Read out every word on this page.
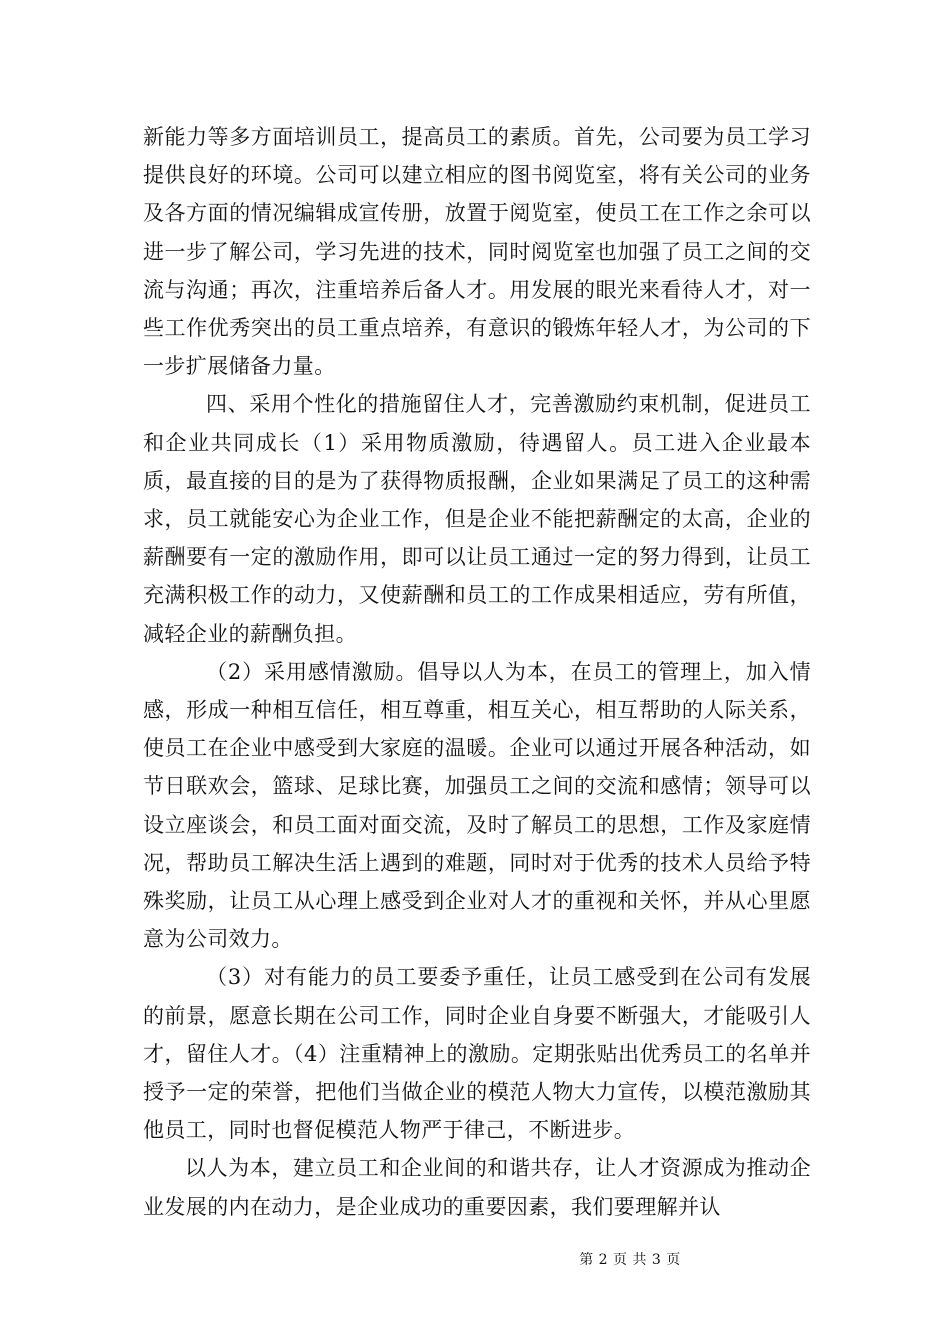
新能力等多方面培训员工，提高员工的素质。首先，公司要为员工学习提供良好的环境。公司可以建立相应的图书阅览室，将有关公司的业务及各方面的情况编辑成宣传册，放置于阅览室，使员工在工作之余可以进一步了解公司，学习先进的技术，同时阅览室也加强了员工之间的交流与沟通；再次，注重培养后备人才。用发展的眼光来看待人才，对一些工作优秀突出的员工重点培养，有意识的锻炼年轻人才，为公司的下一步扩展储备力量。

四、采用个性化的措施留住人才，完善激励约束机制，促进员工和企业共同成长（1）采用物质激励，待遇留人。员工进入企业最本质，最直接的目的是为了获得物质报酬，企业如果满足了员工的这种需求，员工就能安心为企业工作，但是企业不能把薪酬定的太高，企业的薪酬要有一定的激励作用，即可以让员工通过一定的努力得到，让员工充满积极工作的动力，又使薪酬和员工的工作成果相适应，劳有所值，减轻企业的薪酬负担。

（2）采用感情激励。倡导以人为本，在员工的管理上，加入情感，形成一种相互信任，相互尊重，相互关心，相互帮助的人际关系，使员工在企业中感受到大家庭的温暖。企业可以通过开展各种活动，如节日联欢会，篮球、足球比赛，加强员工之间的交流和感情；领导可以设立座谈会，和员工面对面交流，及时了解员工的思想，工作及家庭情况，帮助员工解决生活上遇到的难题，同时对于优秀的技术人员给予特殊奖励，让员工从心理上感受到企业对人才的重视和关怀，并从心里愿意为公司效力。

（3）对有能力的员工要委予重任，让员工感受到在公司有发展的前景，愿意长期在公司工作，同时企业自身要不断强大，才能吸引人才，留住人才。（4）注重精神上的激励。定期张贴出优秀员工的名单并授予一定的荣誉，把他们当做企业的模范人物大力宣传，以模范激励其他员工，同时也督促模范人物严于律己，不断进步。

以人为本，建立员工和企业间的和谐共存，让人才资源成为推动企业发展的内在动力，是企业成功的重要因素，我们要理解并认

第 2 页 共 3 页
